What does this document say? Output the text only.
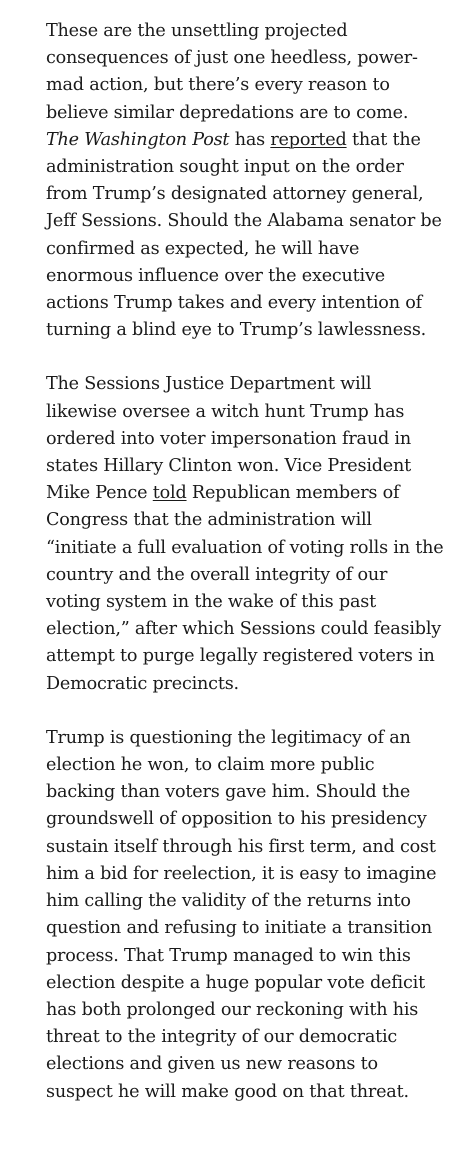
These are the unsettling projected consequences of just one heedless, power-mad action, but there’s every reason to believe similar depredations are to come. The Washington Post has reported that the administration sought input on the order from Trump’s designated attorney general, Jeff Sessions. Should the Alabama senator be confirmed as expected, he will have enormous influence over the executive actions Trump takes and every intention of turning a blind eye to Trump’s lawlessness.

The Sessions Justice Department will likewise oversee a witch hunt Trump has ordered into voter impersonation fraud in states Hillary Clinton won. Vice President Mike Pence told Republican members of Congress that the administration will “initiate a full evaluation of voting rolls in the country and the overall integrity of our voting system in the wake of this past election,” after which Sessions could feasibly attempt to purge legally registered voters in Democratic precincts.

Trump is questioning the legitimacy of an election he won, to claim more public backing than voters gave him. Should the groundswell of opposition to his presidency sustain itself through his first term, and cost him a bid for reelection, it is easy to imagine him calling the validity of the returns into question and refusing to initiate a transition process. That Trump managed to win this election despite a huge popular vote deficit has both prolonged our reckoning with his threat to the integrity of our democratic elections and given us new reasons to suspect he will make good on that threat.
